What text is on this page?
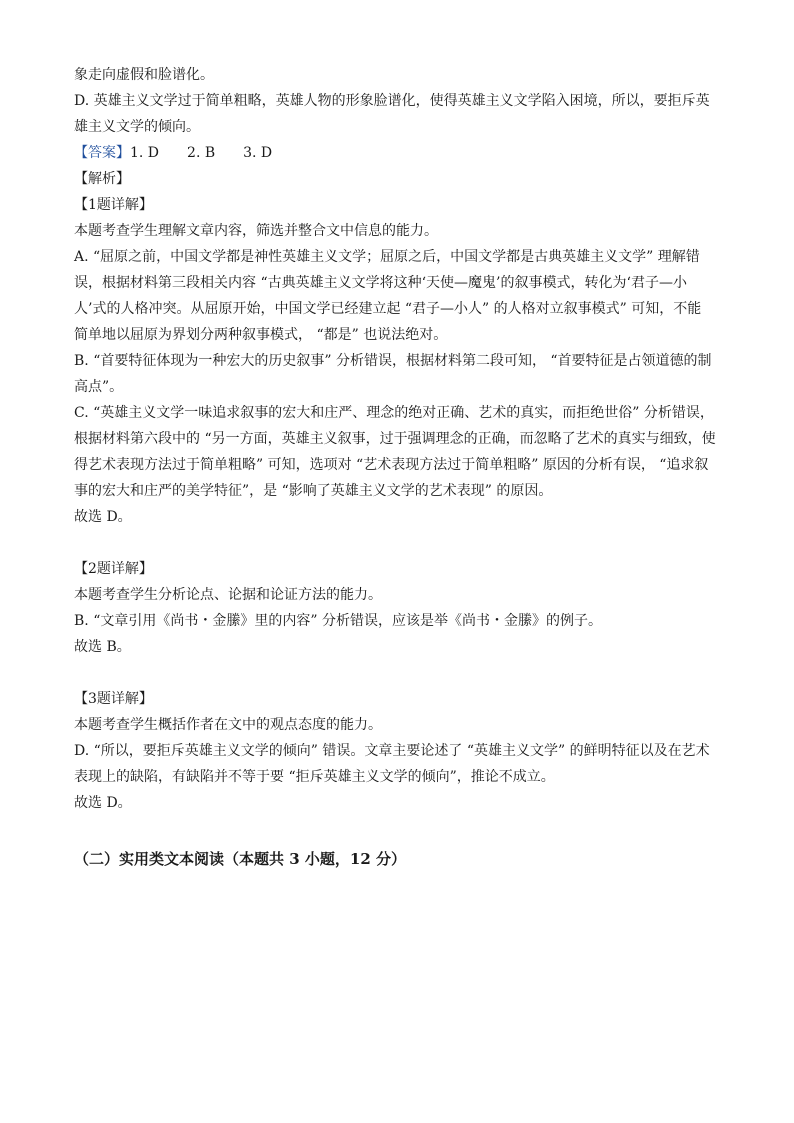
象走向虚假和脸谱化。

D. 英雄主义文学过于简单粗略，英雄人物的形象脸谱化，使得英雄主义文学陷入困境，所以，要拒斥英

雄主义文学的倾向。

【答案】1. D　　2. B　　3. D

【解析】

【1题详解】

本题考查学生理解文章内容，筛选并整合文中信息的能力。

A. “屈原之前，中国文学都是神性英雄主义文学；屈原之后，中国文学都是古典英雄主义文学” 理解错

误，根据材料第三段相关内容 “古典英雄主义文学将这种‘天使—魔鬼’的叙事模式，转化为‘君子—小

人’式的人格冲突。从屈原开始，中国文学已经建立起 “君子—小人” 的人格对立叙事模式” 可知，不能

简单地以屈原为界划分两种叙事模式， “都是” 也说法绝对。

B. “首要特征体现为一种宏大的历史叙事” 分析错误，根据材料第二段可知， “首要特征是占领道德的制

高点”。

C. “英雄主义文学一味追求叙事的宏大和庄严、理念的绝对正确、艺术的真实，而拒绝世俗” 分析错误，

根据材料第六段中的 “另一方面，英雄主义叙事，过于强调理念的正确，而忽略了艺术的真实与细致，使

得艺术表现方法过于简单粗略” 可知，选项对 “艺术表现方法过于简单粗略” 原因的分析有误， “追求叙

事的宏大和庄严的美学特征”，是 “影响了英雄主义文学的艺术表现” 的原因。

故选 D。

【2题详解】

本题考查学生分析论点、论据和论证方法的能力。

B. “文章引用《尚书・金縢》里的内容” 分析错误，应该是举《尚书・金縢》的例子。

故选 B。

【3题详解】

本题考查学生概括作者在文中的观点态度的能力。

D. “所以，要拒斥英雄主义文学的倾向” 错误。文章主要论述了 “英雄主义文学” 的鲜明特征以及在艺术

表现上的缺陷，有缺陷并不等于要 “拒斥英雄主义文学的倾向”，推论不成立。

故选 D。

（二）实用类文本阅读（本题共 3 小题，12 分）
